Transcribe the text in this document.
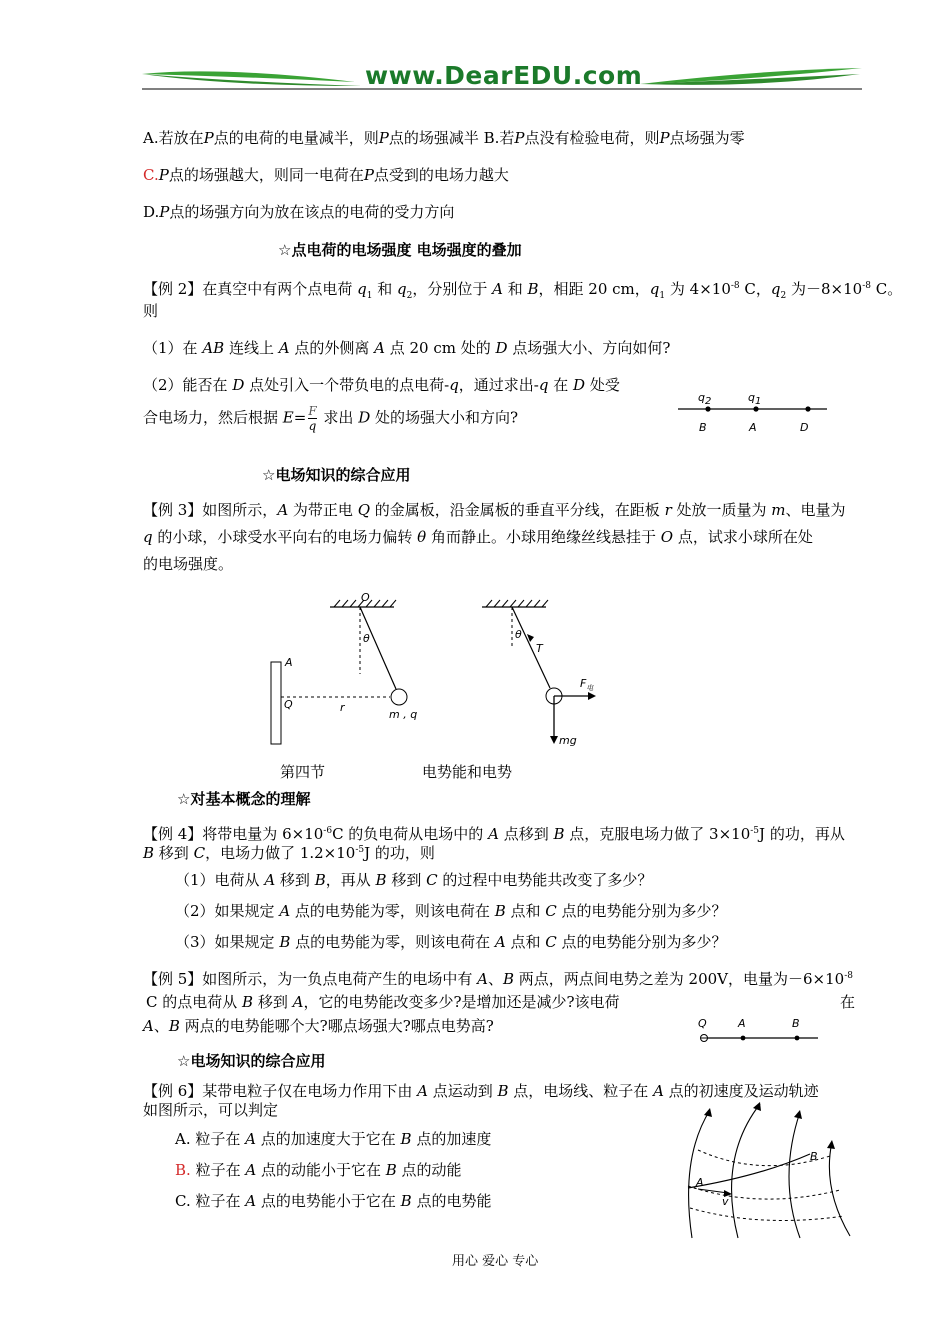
www.DearEDU.com
A.若放在P点的电荷的电量减半，则P点的场强减半 B.若P点没有检验电荷，则P点场强为零
C.P点的场强越大，则同一电荷在P点受到的电场力越大
D.P点的场强方向为放在该点的电荷的受力方向
☆点电荷的电场强度 电场强度的叠加
【例 2】在真空中有两个点电荷 $q_1$ 和 $q_2$，分别位于 A 和 B，相距 20 cm，$q_1$ 为 $4\times 10^{-8}$ C，$q_2$ 为$-8\times 10^{-8}$ C。
则
（1）在 AB 连线上 A 点的外侧离 A 点 20 cm 处的 D 点场强大小、方向如何?
（2）能否在 D 点处引入一个带负电的点电荷-q，通过求出-q 在 D 处受
合电场力，然后根据 $E= \frac{F}{q}$ 求出 D 处的场强大小和方向?
q2	q1
B	A	D
☆电场知识的综合应用
【例 3】如图所示，A 为带正电 Q 的金属板，沿金属板的垂直平分线，在距板 r 处放一质量为 m、电量为
q 的小球，小球受水平向右的电场力偏转 θ 角而静止。小球用绝缘丝线悬挂于 O 点，试求小球所在处
的电场强度。
O
θ
A
Q	r
m , q
θ
T
$F_电$
mg
第四节	电势能和电势
☆对基本概念的理解
【例 4】将带电量为 $6\times 10^{-6}C$ 的负电荷从电场中的 A 点移到 B 点，克服电场力做了 $3\times 10^{-5}J$ 的功，再从
B 移到 C，电场力做了 $1.2\times 10^{-5}J$ 的功，则
（1）电荷从 A 移到 B，再从 B 移到 C 的过程中电势能共改变了多少？
（2）如果规定 A 点的电势能为零，则该电荷在 B 点和 C 点的电势能分别为多少？
（3）如果规定 B 点的电势能为零，则该电荷在 A 点和 C 点的电势能分别为多少？
【例 5】如图所示，为一负点电荷产生的电场中有 A、B 两点，两点间电势之差为 200V，电量为$-6\times 10^{-8}$
C 的点电荷从 B 移到 A，它的电势能改变多少?是增加还是减少?该电荷	在
A、B 两点的电势能哪个大?哪点场强大?哪点电势高?	Q	A	B
☆电场知识的综合应用
【例 6】某带电粒子仅在电场力作用下由 A 点运动到 B 点，电场线、粒子在 A 点的初速度及运动轨迹
如图所示，可以判定
A. 粒子在 A 点的加速度大于它在 B 点的加速度
B. 粒子在 A 点的动能小于它在 B 点的动能
C. 粒子在 A 点的电势能小于它在 B 点的电势能
A
v
B
用心 爱心 专心
